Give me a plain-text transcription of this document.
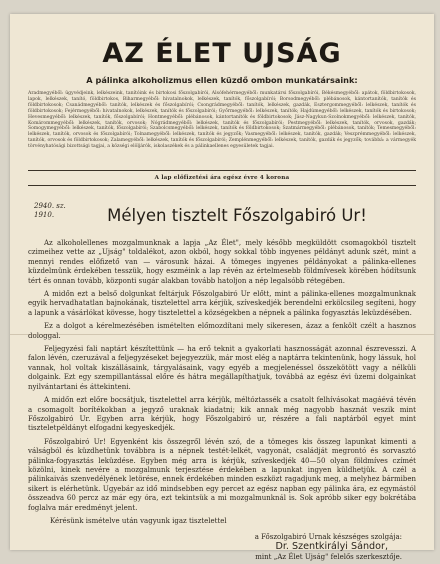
AZ ÉLET UJSÁG
A pálinka alkoholizmus ellen küzdő ombon munkatársaink:
Aradmegyéből: ügyvédjeink, lelkészeink, tanítóink és birtokosi főszolgabírói, Alsófehérmegyéből: munkatársi főszolgabírói, Békésmegyéből: apátok, földbirtokosok, lapok, lelkészek, tanító, földbirtokos, Biharmegyéből: hivatalnokok, lelkészek, tanítók, főszolgabírói; Borsodmegyéből: plébánosok, kántortanítók, tanítók és földbirtokosok; Csanádmegyéből: tanítók, lelkészek és főszolgabírói; Csongrádmegyéből: tanítók, lelkészek, gazdák, Esztergommegyéből: lelkészek, tanítók és földbirtokosok; Fejérmegyéből: hivatalnokok, lelkészek, tanítók és főszolgabírói; Győrmegyéből: lelkészek, tanítók; Hajdúmegyéből: lelkészek, tanítók és birtokosok; Hevesmegyéből: lelkészek, tanítók, főszolgabírói; Hontmegyéből: plébánosok, kántortanítók és földbirtokosok; Jász-Nagykun-Szolnokmegyéből: lelkészek, tanítók, Komárommegyéből: lelkészek, tanítók, orvosok; Nógrádmegyéből: lelkészek, tanítók és főszolgabírói; Pestmegyéből: lelkészek, tanítók, orvosok, gazdák; Somogymegyéből: lelkészek, tanítók, főszolgabírói; Szabolcsmegyéből: lelkészek, tanítók és földbirtokosok; Szatmármegyéből: plébánosok, tanítók; Temesmegyéből: lelkészek, tanítók, orvosok és főszolgabírói; Tolnamegyéből: lelkészek, tanítók és jegyzők; Vasmegyéből: lelkészek, tanítók, gazdák; Veszprémmegyéből: lelkészek, tanítók, orvosok és földbirtokosok; Zalamegyéből: lelkészek, tanítók és főszolgabírói; Zemplénmegyéből: lelkészek, tanítók, gazdák és jegyzők; továbbá: a vármegyék törvényhatósági bizottsági tagjai, a községi elöljárók, iskolaszékek és a pálinkaellenes egyesületek tagjai.
A lap előfizetési ára egész évre 4 korona
2940. sz.
1910.	Mélyen tisztelt Főszolgabiró Ur!

Az alkoholellenes mozgalmunknak a lapja „Az Élet", mely később megküldött csomagokból tisztelt czimeihez vette az „Ujság" toldalékot, azon okból, hogy sokkal több ingyenes példányt adunk szét, mint a mennyi rendes előfizető van — városunk házai. A tömeges ingyenes példányokat a pálinka-ellenes küzdelmünk érdekében tesszük, hogy eszméink a lap révén az értelmesebb földmívesek körében hódítsunk tért és onnan tovább, központi sugár alakban tovább hatoljon a nép legalsóbb rétegében.

A midőn ezt a belső dolgunkat feltárjuk Főszolgabiró Ur előtt, mint a pálinka-ellenes mozgalmunknak egyik hervadhatatlan bajnokának, tisztelettel arra kérjük, szíveskedjék berendelni erkölcsileg segíteni, hogy a lapunk a vásárlókat kövesse, hogy tisztelettel a községekben a népnek a pálinka fogyasztás leküzdésében.

Ez a dolgot a kérelmezésében ismételten előmozdítani mely sikeresen, ázaz a fenkölt czélt a hasznos dologgal.

Feljegyzési fali naptárt készítettünk — ha erő teknit a gyakorlati hasznosságát azonnal észrevesszi. A falon lévén, czeruzával a feljegyzéseket bejegyezzük, már most elég a naptárra tekintenünk, hogy lássuk, hol vannak, hol voltak kiszállásaink, tárgyalásaink, vagy egyéb a megjelenéssel összekötött vagy a nélküli dolgaink. Ezt egy szempillantással előre és hátra megállapíthatjuk, továbbá az egész évi üzemi dolgainkat nyilvántartani és áttekinteni.

A midőn ezt előre bocsátjuk, tisztelettel arra kérjük, méltóztassék a csatolt felhívásokat magáévá tévén a csomagolt borítékokban a jegyző uraknak kiadatni; kik annak még nagyobb hasznát veszik mint Főszolgabiró Ur. Egyben arra kérjük, hogy Főszolgabiró ur, részére a fali naptárból egyet mint tiszteletpéldányt elfogadni kegyeskedjék.

Főszolgabiró Ur! Egyenként kis összegről lévén szó, de a tömeges kis összeg lapunkat kimenti a válságból és küzdhetünk továbbra is a népnek testét-lelkét, vagyonát, családját megrontó és sorvasztó pálinka-fogyasztás leküzdése. Egyben még arra is kérjük, szíveskedjék 40—50 olyan földmíves czímét közölni, kinek nevére a mozgalmunk terjesztése érdekében a lapunkat ingyen küldhetjük. A czél a pálinkaivás szenvedélyének letörése, ennek érdekében minden eszközt ragadjunk meg, a melyhez bármiben sikert is elérhetünk. Ugyebár az idő mindsebben egy percet az egész napban egy pálinka ára, ez egymástól összeadva 60 percz az már egy óra, ezt tekintsük a mi mozgalmunknál is. Sok apróbb siker egy bokrétába foglalva már eredményt jelent.

Kérésünk ismételve után vagyunk igaz tisztelettel

a Főszolgabiró Urnak készséges szolgája:
Dr. Szentkirályi Sándor,
mint „Az Élet Ujság" felelős szerkesztője.
